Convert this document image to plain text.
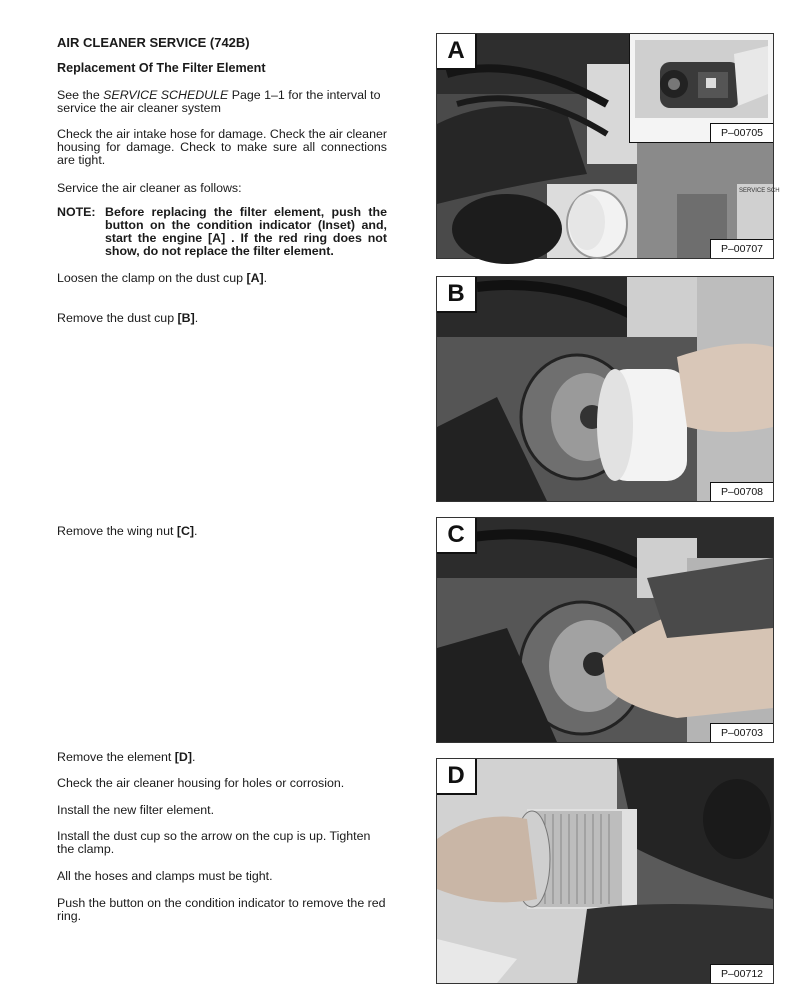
AIR CLEANER SERVICE (742B)
Replacement Of The Filter Element
See the SERVICE SCHEDULE Page 1–1 for the interval to service the air cleaner system
Check the air intake hose for damage. Check the air cleaner housing for damage. Check to make sure all connections are tight.
Service the air cleaner as follows:
NOTE: Before replacing the filter element, push the button on the condition indicator (Inset) and, start the engine [A] . If the red ring does not show, do not replace the filter element.
Loosen the clamp on the dust cup [A].
Remove the dust cup [B].
Remove the wing nut [C].
Remove the element [D].
Check the air cleaner housing for holes or corrosion.
Install the new filter element.
Install the dust cup so the arrow on the cup is up. Tighten the clamp.
All the hoses and clamps must be tight.
Push the button on the condition indicator to remove the red ring.
SERVICE SCH
P–00705
A
P–00707
B
P–00708
C
P–00703
D
P–00712
